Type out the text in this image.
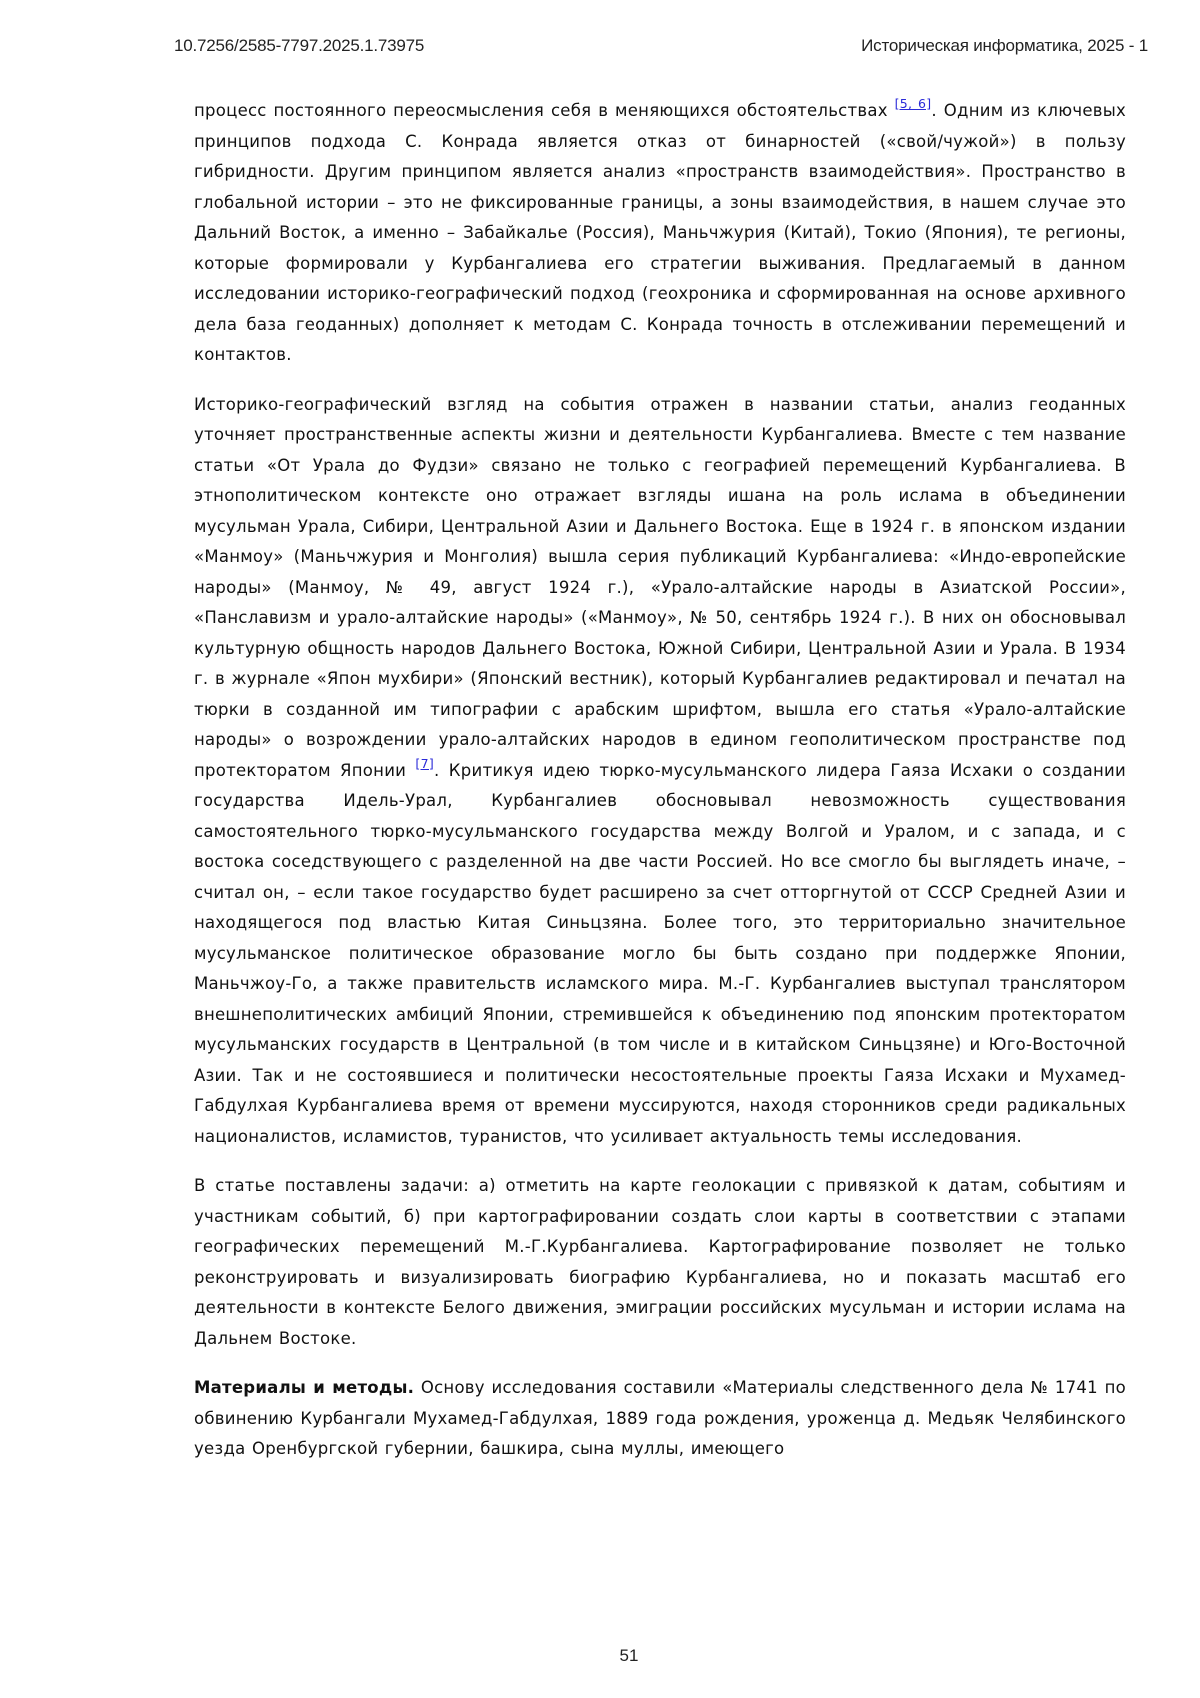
10.7256/2585-7797.2025.1.73975	Историческая информатика, 2025 - 1

процесс постоянного переосмысления себя в меняющихся обстоятельствах [5, 6]. Одним из ключевых принципов подхода С. Конрада является отказ от бинарностей («свой/чужой») в пользу гибридности. Другим принципом является анализ «пространств взаимодействия». Пространство в глобальной истории – это не фиксированные границы, а зоны взаимодействия, в нашем случае это Дальний Восток, а именно – Забайкалье (Россия), Маньчжурия (Китай), Токио (Япония), те регионы, которые формировали у Курбангалиева его стратегии выживания. Предлагаемый в данном исследовании историко-географический подход (геохроника и сформированная на основе архивного дела база геоданных) дополняет к методам С. Конрада точность в отслеживании перемещений и контактов.

Историко-географический взгляд на события отражен в названии статьи, анализ геоданных уточняет пространственные аспекты жизни и деятельности Курбангалиева. Вместе с тем название статьи «От Урала до Фудзи» связано не только с географией перемещений Курбангалиева. В этнополитическом контексте оно отражает взгляды ишана на роль ислама в объединении мусульман Урала, Сибири, Центральной Азии и Дальнего Востока. Еще в 1924 г. в японском издании «Манмоу» (Маньчжурия и Монголия) вышла серия публикаций Курбангалиева: «Индо-европейские народы» (Манмоу, № 49, август 1924 г.), «Урало-алтайские народы в Азиатской России», «Панславизм и урало-алтайские народы» («Манмоу», № 50, сентябрь 1924 г.). В них он обосновывал культурную общность народов Дальнего Востока, Южной Сибири, Центральной Азии и Урала. В 1934 г. в журнале «Япон мухбири» (Японский вестник), который Курбангалиев редактировал и печатал на тюрки в созданной им типографии с арабским шрифтом, вышла его статья «Урало-алтайские народы» о возрождении урало-алтайских народов в едином геополитическом пространстве под протекторатом Японии [7]. Критикуя идею тюрко-мусульманского лидера Гаяза Исхаки о создании государства Идель-Урал, Курбангалиев обосновывал невозможность существования самостоятельного тюрко-мусульманского государства между Волгой и Уралом, и с запада, и с востока соседствующего с разделенной на две части Россией. Но все смогло бы выглядеть иначе, – считал он, – если такое государство будет расширено за счет отторгнутой от СССР Средней Азии и находящегося под властью Китая Синьцзяна. Более того, это территориально значительное мусульманское политическое образование могло бы быть создано при поддержке Японии, Маньчжоу-Го, а также правительств исламского мира. М.-Г. Курбангалиев выступал транслятором внешнеполитических амбиций Японии, стремившейся к объединению под японским протекторатом мусульманских государств в Центральной (в том числе и в китайском Синьцзяне) и Юго-Восточной Азии. Так и не состоявшиеся и политически несостоятельные проекты Гаяза Исхаки и Мухамед-Габдулхая Курбангалиева время от времени муссируются, находя сторонников среди радикальных националистов, исламистов, туранистов, что усиливает актуальность темы исследования.

В статье поставлены задачи: а) отметить на карте геолокации с привязкой к датам, событиям и участникам событий, б) при картографировании создать слои карты в соответствии с этапами географических перемещений М.-Г.Курбангалиева. Картографирование позволяет не только реконструировать и визуализировать биографию Курбангалиева, но и показать масштаб его деятельности в контексте Белого движения, эмиграции российских мусульман и истории ислама на Дальнем Востоке.

Материалы и методы. Основу исследования составили «Материалы следственного дела № 1741 по обвинению Курбангали Мухамед-Габдулхая, 1889 года рождения, уроженца д. Медьяк Челябинского уезда Оренбургской губернии, башкира, сына муллы, имеющего

51
